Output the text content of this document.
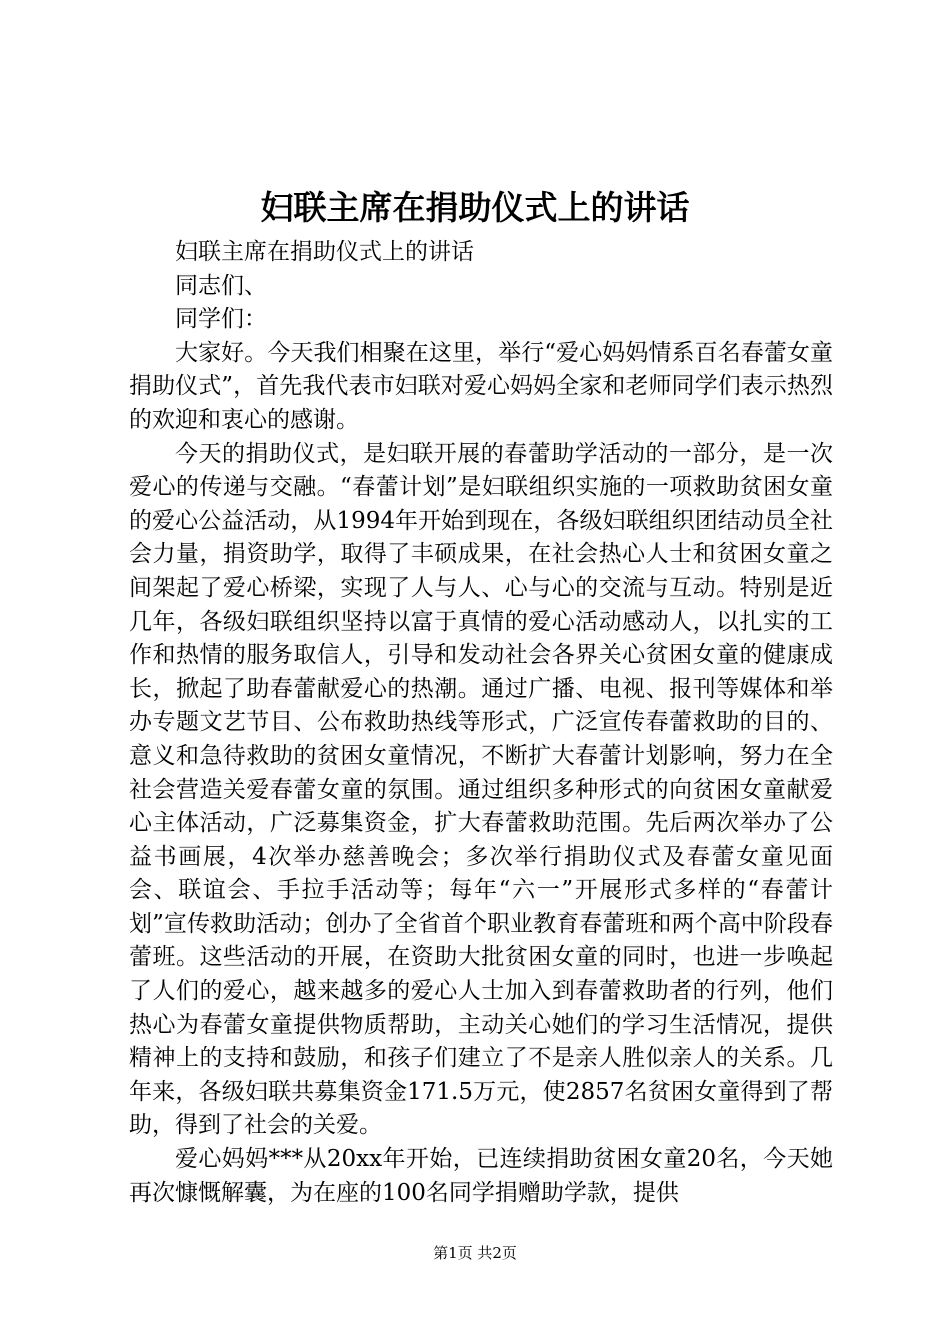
妇联主席在捐助仪式上的讲话

妇联主席在捐助仪式上的讲话

同志们、

同学们：

大家好。今天我们相聚在这里，举行“爱心妈妈情系百名春蕾女童捐助仪式”，首先我代表市妇联对爱心妈妈全家和老师同学们表示热烈的欢迎和衷心的感谢。

今天的捐助仪式，是妇联开展的春蕾助学活动的一部分，是一次爱心的传递与交融。“春蕾计划”是妇联组织实施的一项救助贫困女童的爱心公益活动，从1994年开始到现在，各级妇联组织团结动员全社会力量，捐资助学，取得了丰硕成果，在社会热心人士和贫困女童之间架起了爱心桥梁，实现了人与人、心与心的交流与互动。特别是近几年，各级妇联组织坚持以富于真情的爱心活动感动人，以扎实的工作和热情的服务取信人，引导和发动社会各界关心贫困女童的健康成长，掀起了助春蕾献爱心的热潮。通过广播、电视、报刊等媒体和举办专题文艺节目、公布救助热线等形式，广泛宣传春蕾救助的目的、意义和急待救助的贫困女童情况，不断扩大春蕾计划影响，努力在全社会营造关爱春蕾女童的氛围。通过组织多种形式的向贫困女童献爱心主体活动，广泛募集资金，扩大春蕾救助范围。先后两次举办了公益书画展，4次举办慈善晚会；多次举行捐助仪式及春蕾女童见面会、联谊会、手拉手活动等；每年“六一”开展形式多样的“春蕾计划”宣传救助活动；创办了全省首个职业教育春蕾班和两个高中阶段春蕾班。这些活动的开展，在资助大批贫困女童的同时，也进一步唤起了人们的爱心，越来越多的爱心人士加入到春蕾救助者的行列，他们热心为春蕾女童提供物质帮助，主动关心她们的学习生活情况，提供精神上的支持和鼓励，和孩子们建立了不是亲人胜似亲人的关系。几年来，各级妇联共募集资金171.5万元，使2857名贫困女童得到了帮助，得到了社会的关爱。

爱心妈妈***从20xx年开始，已连续捐助贫困女童20名，今天她再次慷慨解囊，为在座的100名同学捐赠助学款，提供

第1页 共2页
